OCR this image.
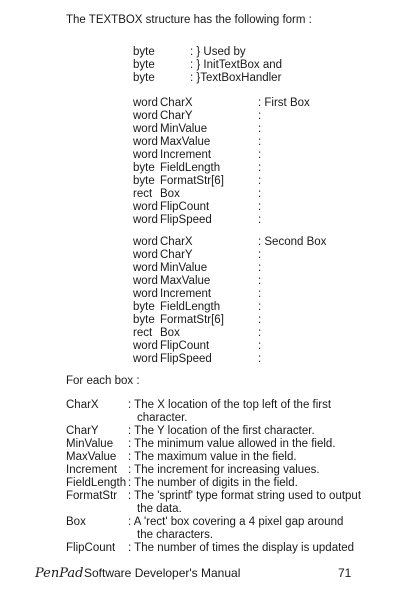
The TEXTBOX structure has the following form :
byte	: } Used by
byte	: } InitTextBox and
byte	: }TextBoxHandler
word CharX	: First Box
word CharY	:
word MinValue	:
word MaxValue	:
word Increment	:
byte FieldLength	:
byte FormatStr[6]	:
rect Box	:
word FlipCount	:
word FlipSpeed	:
word CharX	: Second Box
word CharY	:
word MinValue	:
word MaxValue	:
word Increment	:
byte FieldLength	:
byte FormatStr[6]	:
rect Box	:
word FlipCount	:
word FlipSpeed	:
For each box :
CharX	: The X location of the top left of the first
character.
CharY	: The Y location of the first character.
MinValue : The minimum value allowed in the field.
MaxValue : The maximum value in the field.
Increment : The increment for increasing values.
FieldLength : The number of digits in the field.
FormatStr : The 'sprintf' type format string used to output
the data.
Box	: A 'rect' box covering a 4 pixel gap around
the characters.
FlipCount : The number of times the display is updated
PenPad Software Developer's Manual	71
